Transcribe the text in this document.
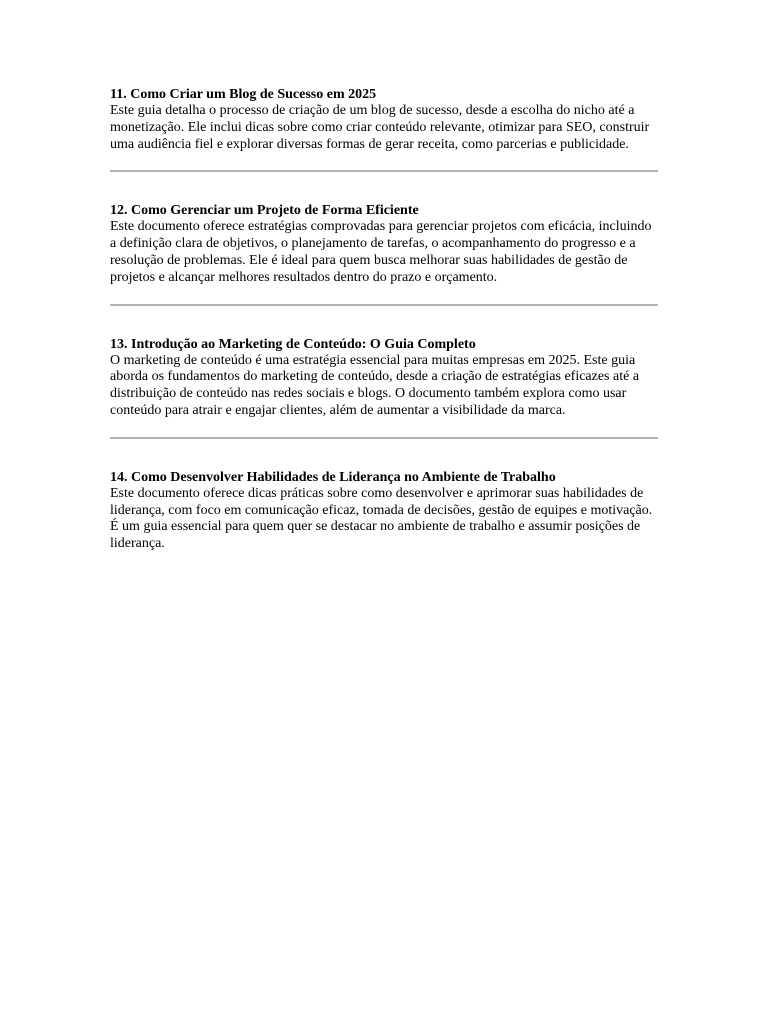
11. Como Criar um Blog de Sucesso em 2025

Este guia detalha o processo de criação de um blog de sucesso, desde a escolha do nicho até a monetização. Ele inclui dicas sobre como criar conteúdo relevante, otimizar para SEO, construir uma audiência fiel e explorar diversas formas de gerar receita, como parcerias e publicidade.

12. Como Gerenciar um Projeto de Forma Eficiente

Este documento oferece estratégias comprovadas para gerenciar projetos com eficácia, incluindo a definição clara de objetivos, o planejamento de tarefas, o acompanhamento do progresso e a resolução de problemas. Ele é ideal para quem busca melhorar suas habilidades de gestão de projetos e alcançar melhores resultados dentro do prazo e orçamento.

13. Introdução ao Marketing de Conteúdo: O Guia Completo

O marketing de conteúdo é uma estratégia essencial para muitas empresas em 2025. Este guia aborda os fundamentos do marketing de conteúdo, desde a criação de estratégias eficazes até a distribuição de conteúdo nas redes sociais e blogs. O documento também explora como usar conteúdo para atrair e engajar clientes, além de aumentar a visibilidade da marca.

14. Como Desenvolver Habilidades de Liderança no Ambiente de Trabalho

Este documento oferece dicas práticas sobre como desenvolver e aprimorar suas habilidades de liderança, com foco em comunicação eficaz, tomada de decisões, gestão de equipes e motivação. É um guia essencial para quem quer se destacar no ambiente de trabalho e assumir posições de liderança.
